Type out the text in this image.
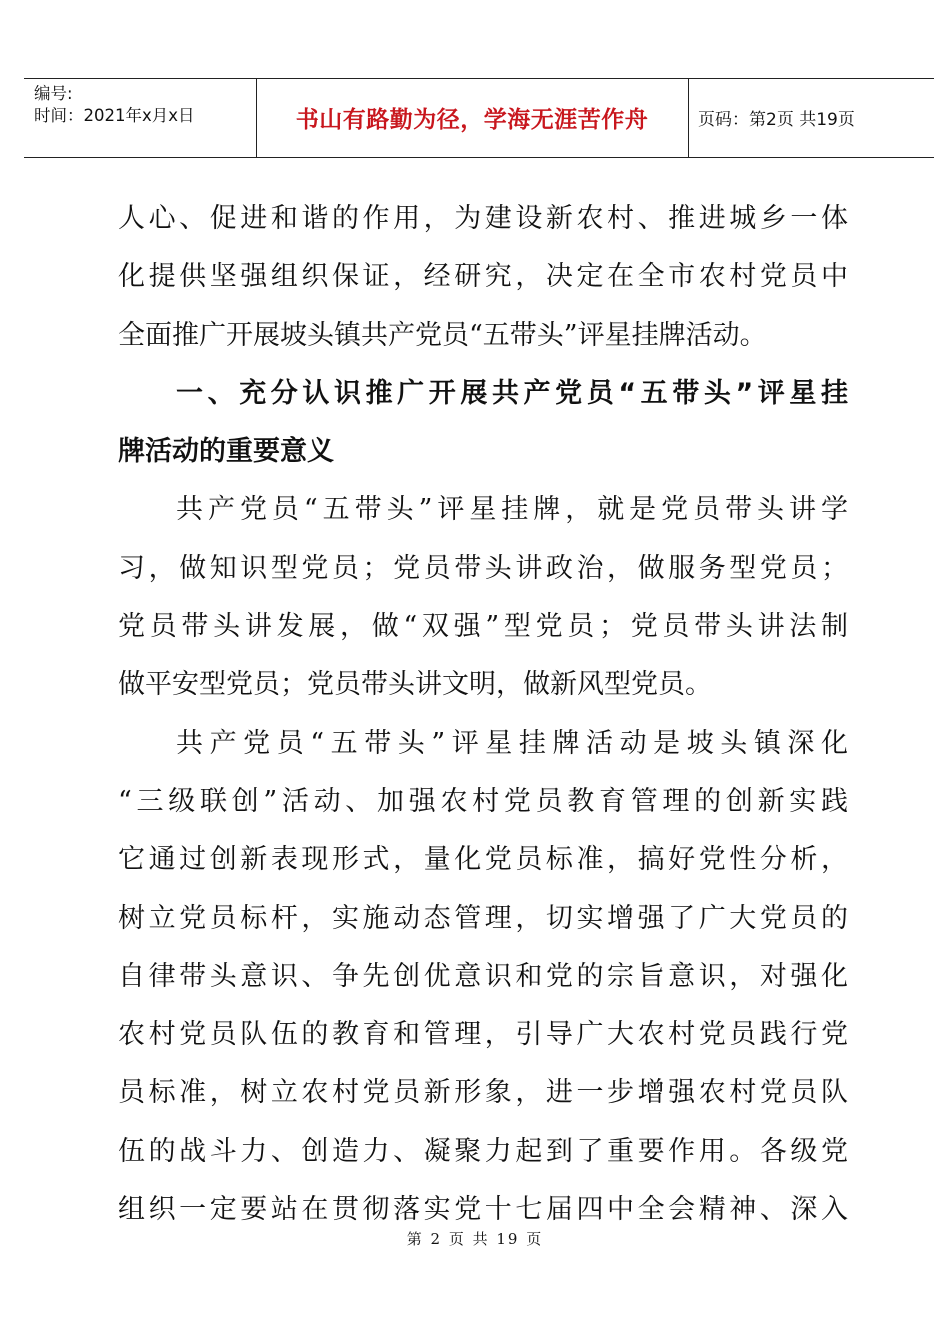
编号:
时间：2021年x月x日	书山有路勤为径，学海无涯苦作舟	页码：第2页 共19页
人心、促进和谐的作用，为建设新农村、推进城乡一体
化提供坚强组织保证，经研究，决定在全市农村党员中
全面推广开展坡头镇共产党员“五带头”评星挂牌活动。
一、充分认识推广开展共产党员“五带头”评星挂
牌活动的重要意义
共产党员“五带头”评星挂牌，就是党员带头讲学
习，做知识型党员；党员带头讲政治，做服务型党员；
党员带头讲发展，做“双强”型党员；党员带头讲法制
做平安型党员；党员带头讲文明，做新风型党员。
共产党员“五带头”评星挂牌活动是坡头镇深化
“三级联创”活动、加强农村党员教育管理的创新实践
它通过创新表现形式，量化党员标准，搞好党性分析，
树立党员标杆，实施动态管理，切实增强了广大党员的
自律带头意识、争先创优意识和党的宗旨意识，对强化
农村党员队伍的教育和管理，引导广大农村党员践行党
员标准，树立农村党员新形象，进一步增强农村党员队
伍的战斗力、创造力、凝聚力起到了重要作用。各级党
组织一定要站在贯彻落实党十七届四中全会精神、深入
第 2 页 共 19 页
